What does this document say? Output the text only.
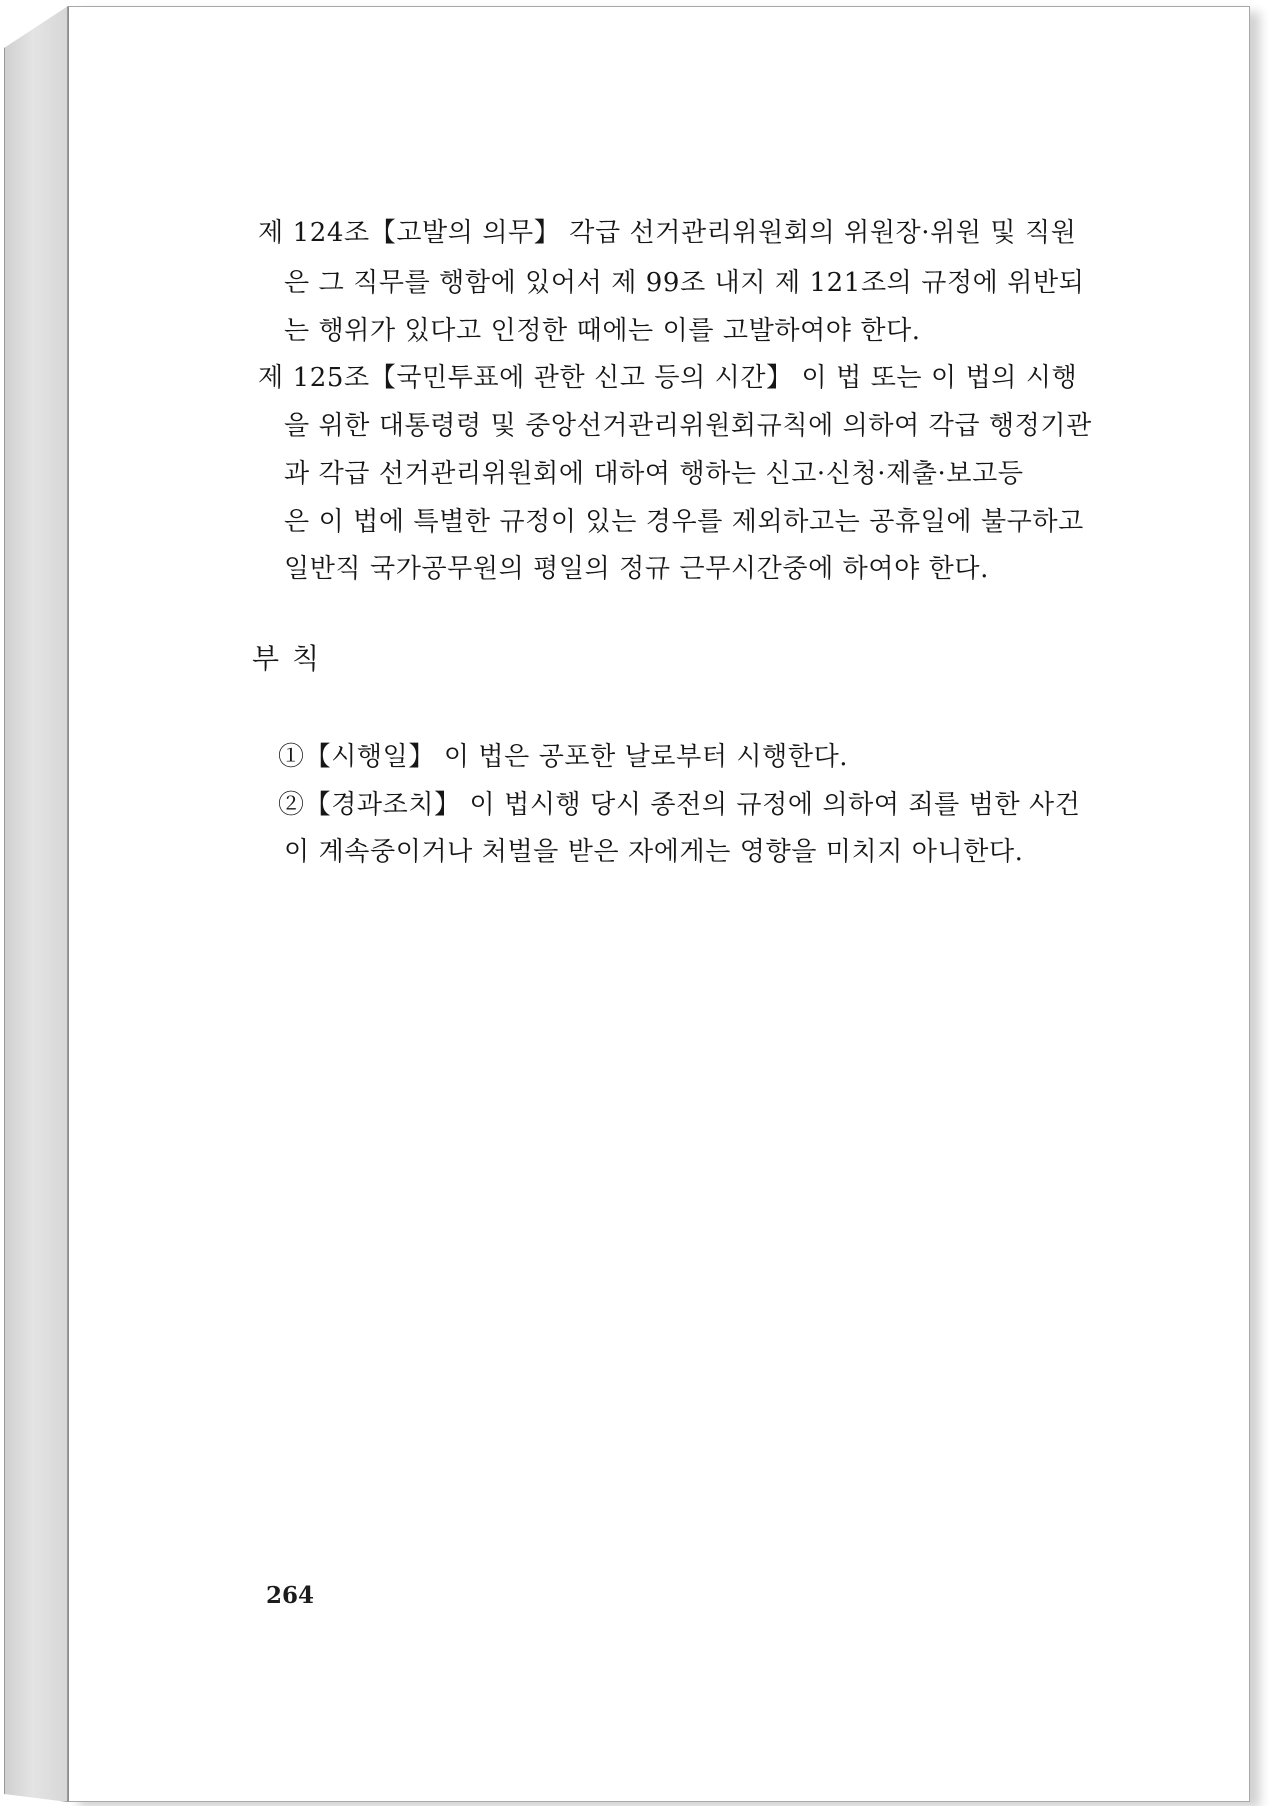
제 124조【고발의 의무】 각급 선거관리위원회의 위원장·위원 및 직원
은 그 직무를 행함에 있어서 제 99조 내지 제 121조의 규정에 위반되
는 행위가 있다고 인정한 때에는 이를 고발하여야 한다.
제 125조【국민투표에 관한 신고 등의 시간】 이 법 또는 이 법의 시행
을 위한 대통령령 및 중앙선거관리위원회규칙에 의하여 각급 행정기관
과 각급 선거관리위원회에 대하여 행하는 신고·신청·제출·보고등
은 이 법에 특별한 규정이 있는 경우를 제외하고는 공휴일에 불구하고
일반직 국가공무원의 평일의 정규 근무시간중에 하여야 한다.
부 칙
①【시행일】 이 법은 공포한 날로부터 시행한다.
②【경과조치】 이 법시행 당시 종전의 규정에 의하여 죄를 범한 사건
이 계속중이거나 처벌을 받은 자에게는 영향을 미치지 아니한다.
264
